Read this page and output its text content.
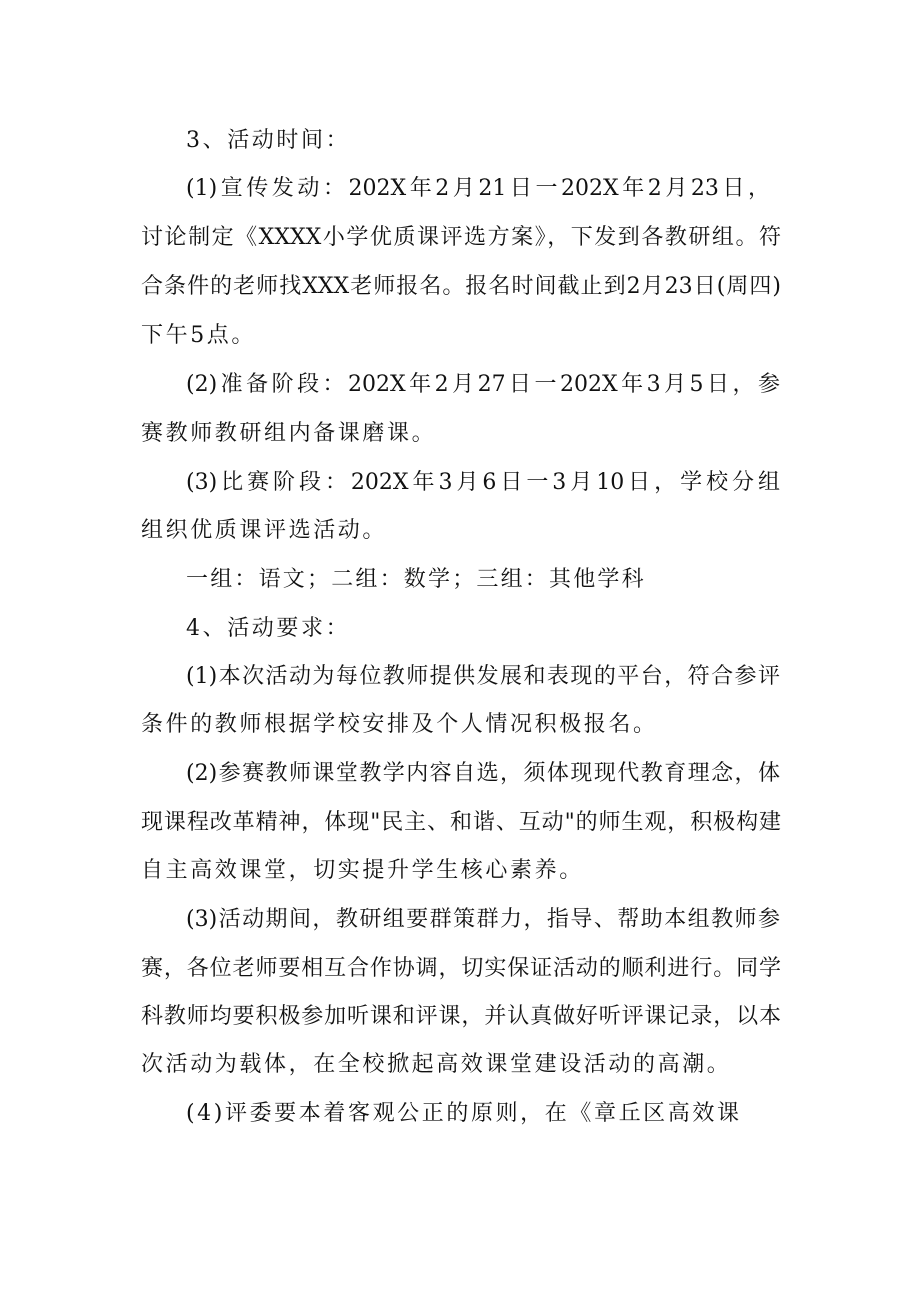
3、活动时间：
(1)宣传发动：202X年2月21日一202X年2月23日，
讨论制定《XXXX小学优质课评选方案》，下发到各教研组。符
合条件的老师找XXX老师报名。报名时间截止到2月23日(周四)
下午5点。
(2)准备阶段：202X年2月27日一202X年3月5日，参
赛教师教研组内备课磨课。
(3)比赛阶段：202X年3月6日一3月10日，学校分组
组织优质课评选活动。
一组：语文；二组：数学；三组：其他学科
4、活动要求：
(1)本次活动为每位教师提供发展和表现的平台，符合参评
条件的教师根据学校安排及个人情况积极报名。
(2)参赛教师课堂教学内容自选，须体现现代教育理念，体
现课程改革精神，体现"民主、和谐、互动"的师生观，积极构建
自主高效课堂，切实提升学生核心素养。
(3)活动期间，教研组要群策群力，指导、帮助本组教师参
赛，各位老师要相互合作协调，切实保证活动的顺利进行。同学
科教师均要积极参加听课和评课，并认真做好听评课记录，以本
次活动为载体，在全校掀起高效课堂建设活动的高潮。
(4)评委要本着客观公正的原则，在《章丘区高效课
